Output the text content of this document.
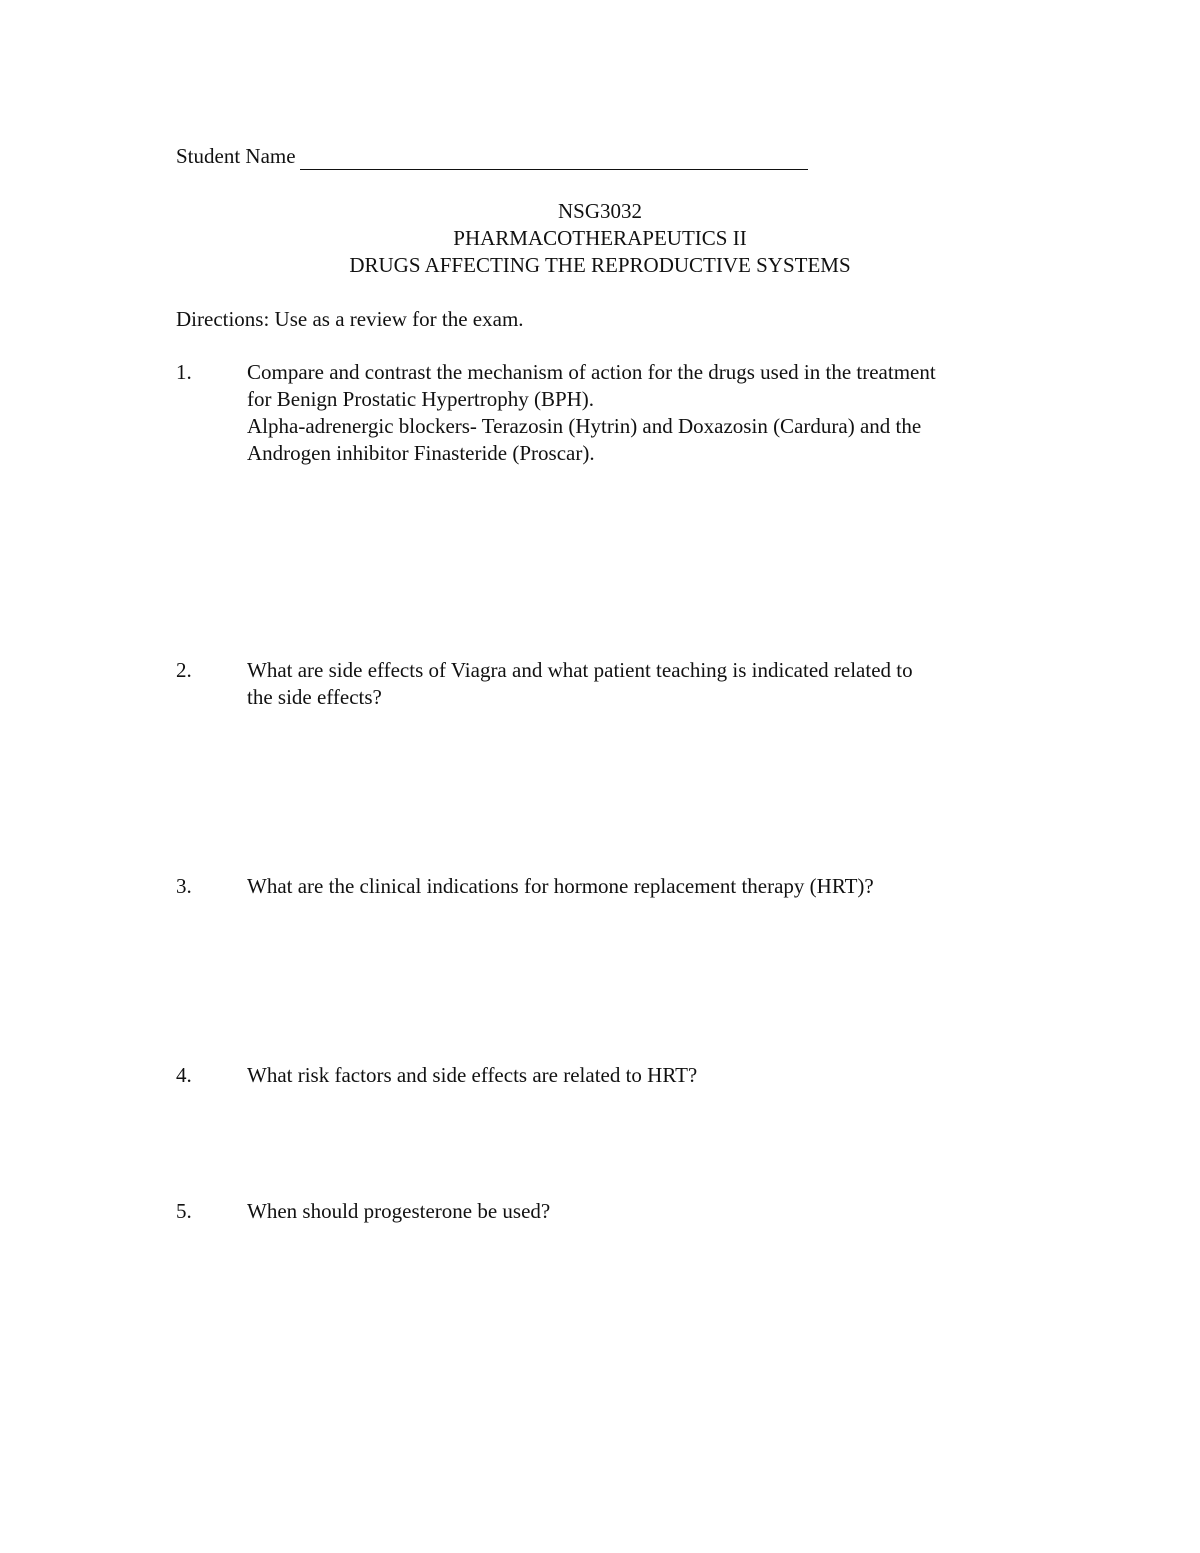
Student Name
NSG3032
PHARMACOTHERAPEUTICS II
DRUGS AFFECTING THE REPRODUCTIVE SYSTEMS
Directions: Use as a review for the exam.
1.	Compare and contrast the mechanism of action for the drugs used in the treatment
for Benign Prostatic Hypertrophy (BPH).
Alpha-adrenergic blockers- Terazosin (Hytrin) and Doxazosin (Cardura) and the
Androgen inhibitor Finasteride (Proscar).
2.	What are side effects of Viagra and what patient teaching is indicated related to
the side effects?
3.	What are the clinical indications for hormone replacement therapy (HRT)?
4.	What risk factors and side effects are related to HRT?
5.	When should progesterone be used?
